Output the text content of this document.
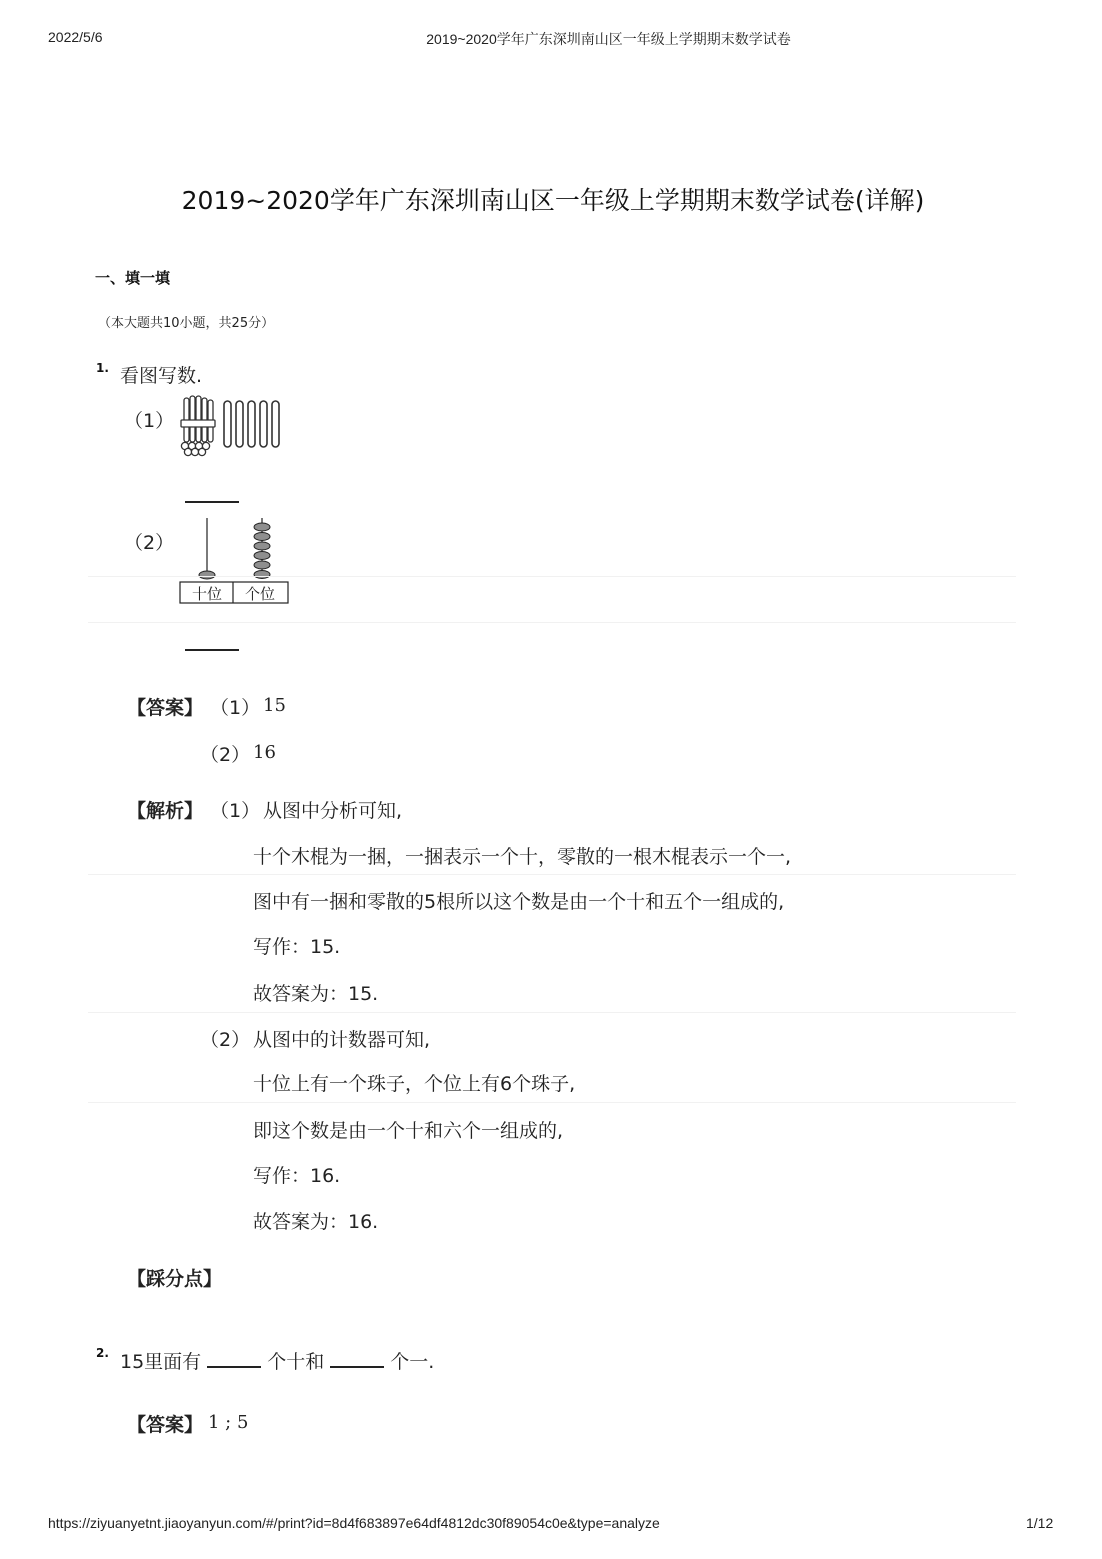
2022/5/6	2019~2020学年广东深圳南山区一年级上学期期末数学试卷
2019~2020学年广东深圳南山区一年级上学期期末数学试卷(详解)
一、填一填
（本大题共10小题，共25分）
1. 看图写数.
（1）
（2）
十位 个位
【答案】 （1） 15
（2） 16
【解析】 （1） 从图中分析可知,
十个木棍为一捆，一捆表示一个十，零散的一根木棍表示一个一,
图中有一捆和零散的5根所以这个数是由一个十和五个一组成的,
写作：15.
故答案为：15.
（2） 从图中的计数器可知,
十位上有一个珠子，个位上有6个珠子,
即这个数是由一个十和六个一组成的,
写作：16.
故答案为：16.
【踩分点】
2. 15里面有	个十和	个一.
【答案】 1 ; 5
https://ziyuanyetnt.jiaoyanyun.com/#/print?id=8d4f683897e64df4812dc30f89054c0e&type=analyze	1/12
